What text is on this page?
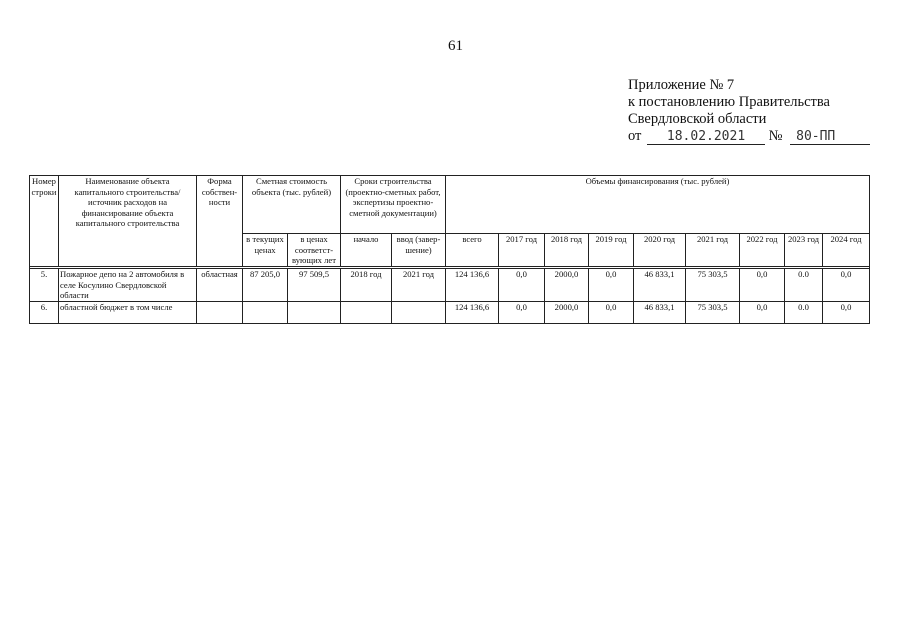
61
Приложение № 7
к постановлению Правительства
Свердловской области
от 18.02.2021 № 80-ПП
Номер строки	Наименование объекта капитального строительства/ источник расходов на финансирование объекта капитального строительства	Форма собствен- ности	Сметная стоимость объекта (тыс. рублей)		Сроки строительства (проектно-сметных работ, экспертизы проектно-сметной документации)		Объемы финансирования (тыс. рублей)								
			в текущих ценах	в ценах соответст- вующих лет	начало	ввод (завер- шение)	всего	2017 год	2018 год	2019 год	2020 год	2021 год	2022 год	2023 год	2024 год

5.	Пожарное депо на 2 автомобиля в селе Косулино Свердловской области	областная	87 205,0	97 509,5	2018 год	2021 год	124 136,6	0,0	2000,0	0,0	46 833,1	75 303,5	0,0	0.0	0,0
6.	областной бюджет в том числе						124 136,6	0,0	2000,0	0,0	46 833,1	75 303,5	0,0	0.0	0,0
